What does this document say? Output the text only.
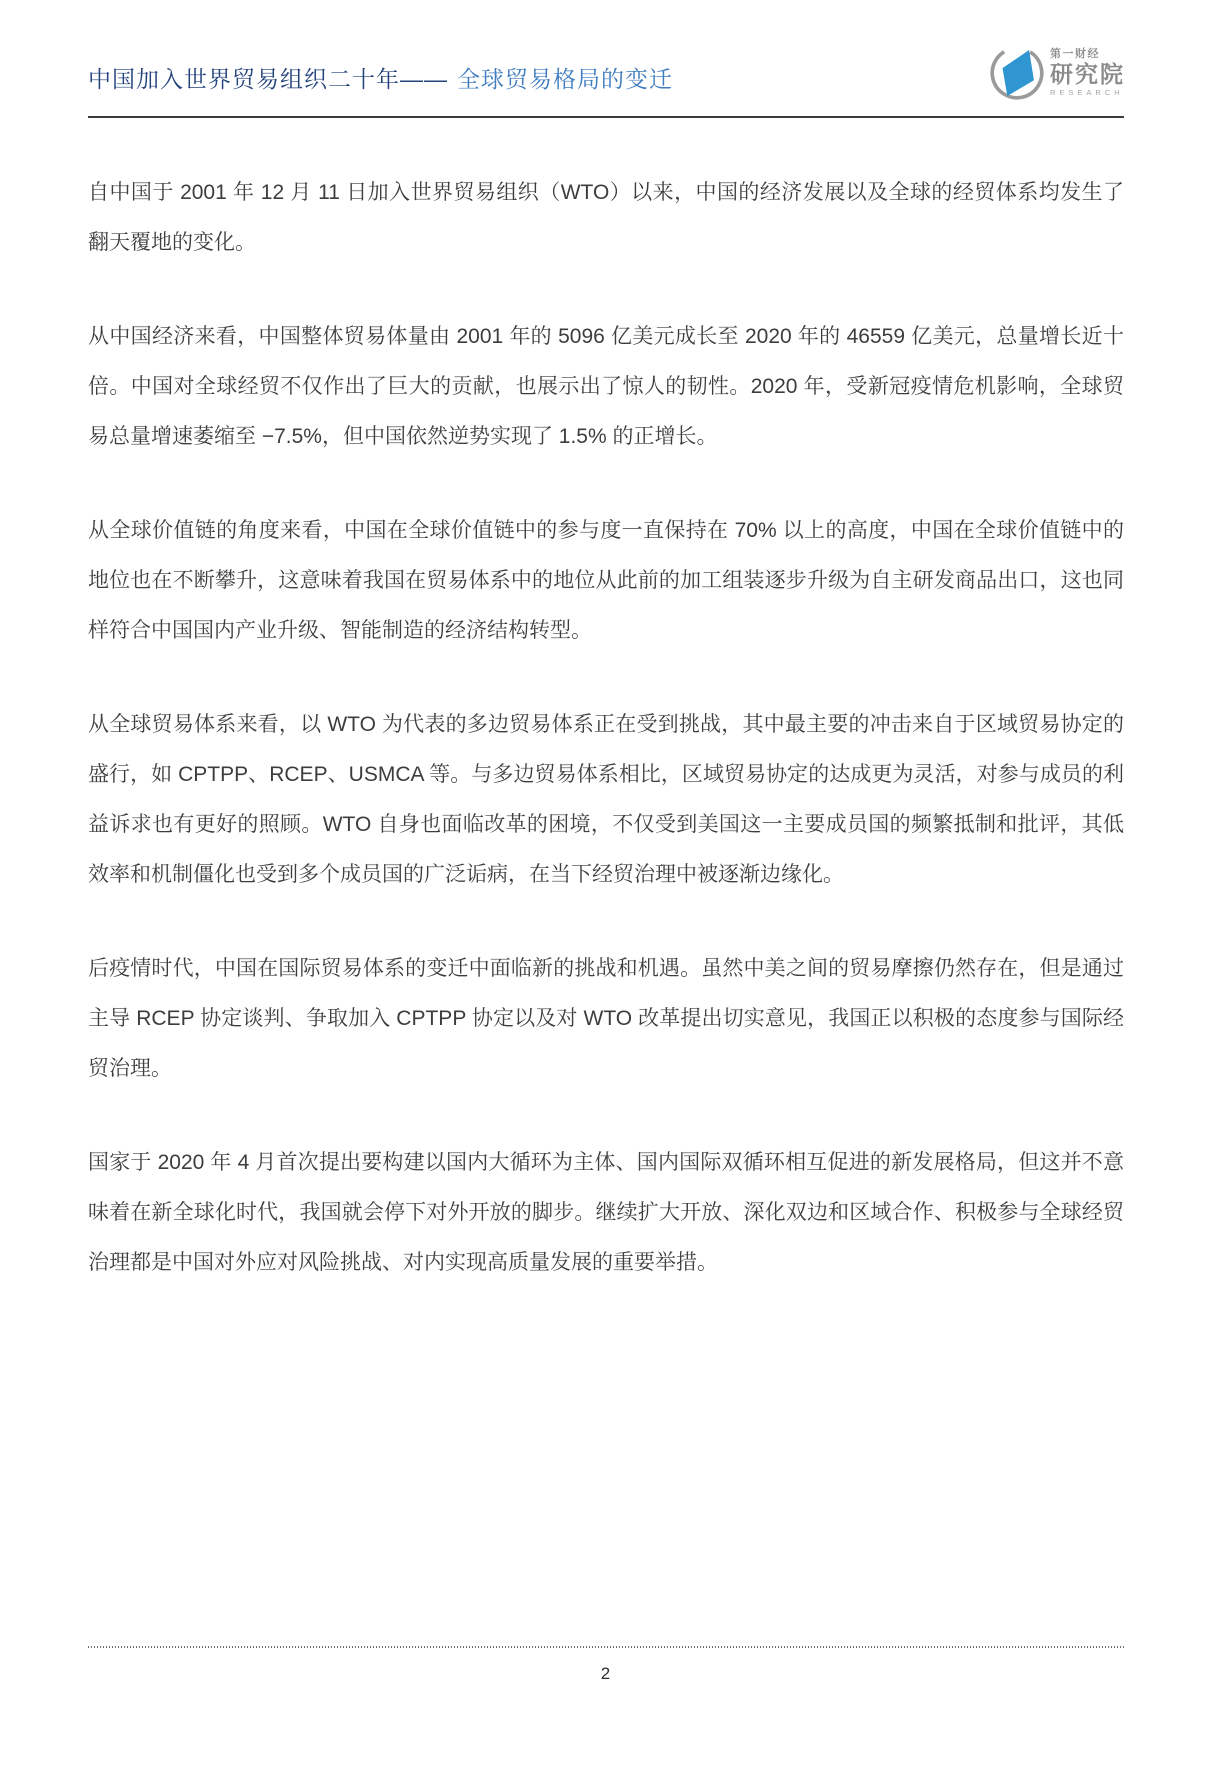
中国加入世界贸易组织二十年—— 全球贸易格局的变迁
第一财经
研究院
RESEARCH

自中国于 2001 年 12 月 11 日加入世界贸易组织（WTO）以来，中国的经济发展以及全球的经贸体系均发生了翻天覆地的变化。

从中国经济来看，中国整体贸易体量由 2001 年的 5096 亿美元成长至 2020 年的 46559 亿美元，总量增长近十倍。中国对全球经贸不仅作出了巨大的贡献，也展示出了惊人的韧性。2020 年，受新冠疫情危机影响，全球贸易总量增速萎缩至 −7.5%，但中国依然逆势实现了 1.5% 的正增长。

从全球价值链的角度来看，中国在全球价值链中的参与度一直保持在 70% 以上的高度，中国在全球价值链中的地位也在不断攀升，这意味着我国在贸易体系中的地位从此前的加工组装逐步升级为自主研发商品出口，这也同样符合中国国内产业升级、智能制造的经济结构转型。

从全球贸易体系来看，以 WTO 为代表的多边贸易体系正在受到挑战，其中最主要的冲击来自于区域贸易协定的盛行，如 CPTPP、RCEP、USMCA 等。与多边贸易体系相比，区域贸易协定的达成更为灵活，对参与成员的利益诉求也有更好的照顾。WTO 自身也面临改革的困境，不仅受到美国这一主要成员国的频繁抵制和批评，其低效率和机制僵化也受到多个成员国的广泛诟病，在当下经贸治理中被逐渐边缘化。

后疫情时代，中国在国际贸易体系的变迁中面临新的挑战和机遇。虽然中美之间的贸易摩擦仍然存在，但是通过主导 RCEP 协定谈判、争取加入 CPTPP 协定以及对 WTO 改革提出切实意见，我国正以积极的态度参与国际经贸治理。

国家于 2020 年 4 月首次提出要构建以国内大循环为主体、国内国际双循环相互促进的新发展格局，但这并不意味着在新全球化时代，我国就会停下对外开放的脚步。继续扩大开放、深化双边和区域合作、积极参与全球经贸治理都是中国对外应对风险挑战、对内实现高质量发展的重要举措。

2
